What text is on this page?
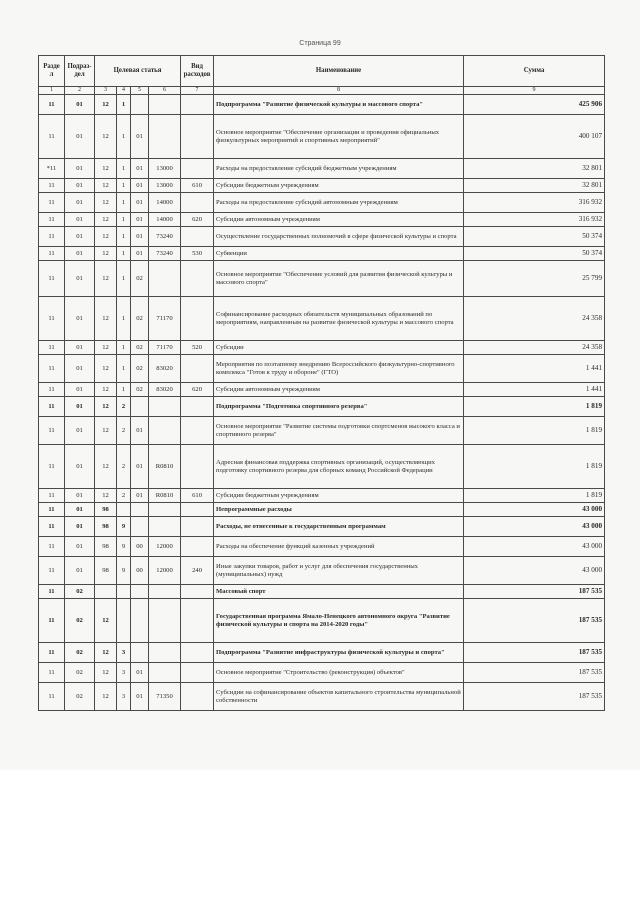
Страница 99
Разде л	Подраз-дел	Целевая статья				Вид расходов	Наименование	Сумма
1	2	3	4	5	6	7	8	9
11	01	12	1				Подпрограмма "Развитие физической культуры и массового спорта"	425 906
11	01	12	1	01			Основное мероприятие "Обеспечение организации и проведения официальных физкультурных мероприятий и спортивных мероприятий"	400 107
*11	01	12	1	01	13000		Расходы на предоставление субсидий бюджетным учреждениям	32 801
11	01	12	1	01	13000	610	Субсидии бюджетным учреждениям	32 801
11	01	12	1	01	14000		Расходы на предоставление субсидий автономным учреждениям	316 932
11	01	12	1	01	14000	620	Субсидии автономным учреждениям	316 932
11	01	12	1	01	73240		Осуществление государственных полномочий в сфере физической культуры и спорта	50 374
11	01	12	1	01	73240	530	Субвенции	50 374
11	01	12	1	02			Основное мероприятие "Обеспечение условий для развития физической культуры и массового спорта"	25 799
11	01	12	1	02	71170		Софинансирование расходных обязательств муниципальных образований по мероприятиям, направленным на развитие физической культуры и массового спорта	24 358
11	01	12	1	02	71170	520	Субсидии	24 358
11	01	12	1	02	83020		Мероприятия по поэтапному внедрению Всероссийского физкультурно-спортивного комплекса "Готов к труду и обороне" (ГТО)	1 441
11	01	12	1	02	83020	620	Субсидии автономным учреждениям	1 441
11	01	12	2				Подпрограмма "Подготовка спортивного резерва"	1 819
11	01	12	2	01			Основное мероприятие "Развитие системы подготовки спортсменов высокого класса и спортивного резерва"	1 819
11	01	12	2	01	R0810		Адресная финансовая поддержка спортивных организаций, осуществляющих подготовку спортивного резерва для сборных команд Российской Федерации	1 819
11	01	12	2	01	R0810	610	Субсидии бюджетным учреждениям	1 819
11	01	98					Непрограммные расходы	43 000
11	01	98	9				Расходы, не отнесенные к государственным программам	43 000
11	01	98	9	00	12000		Расходы на обеспечение функций казенных учреждений	43 000
11	01	98	9	00	12000	240	Иные закупки товаров, работ и услуг для обеспечения государственных (муниципальных) нужд	43 000
11	02						Массовый спорт	187 535
11	02	12					Государственная программа Ямало-Ненецкого автономного округа "Развитие физической культуры и спорта на 2014-2020 годы"	187 535
11	02	12	3				Подпрограмма "Развитие инфраструктуры физической культуры и спорта"	187 535
11	02	12	3	01			Основное мероприятие "Строительство (реконструкция) объектов"	187 535
11	02	12	3	01	71350		Субсидии на софинансирование объектов капитального строительства муниципальной собственности	187 535
